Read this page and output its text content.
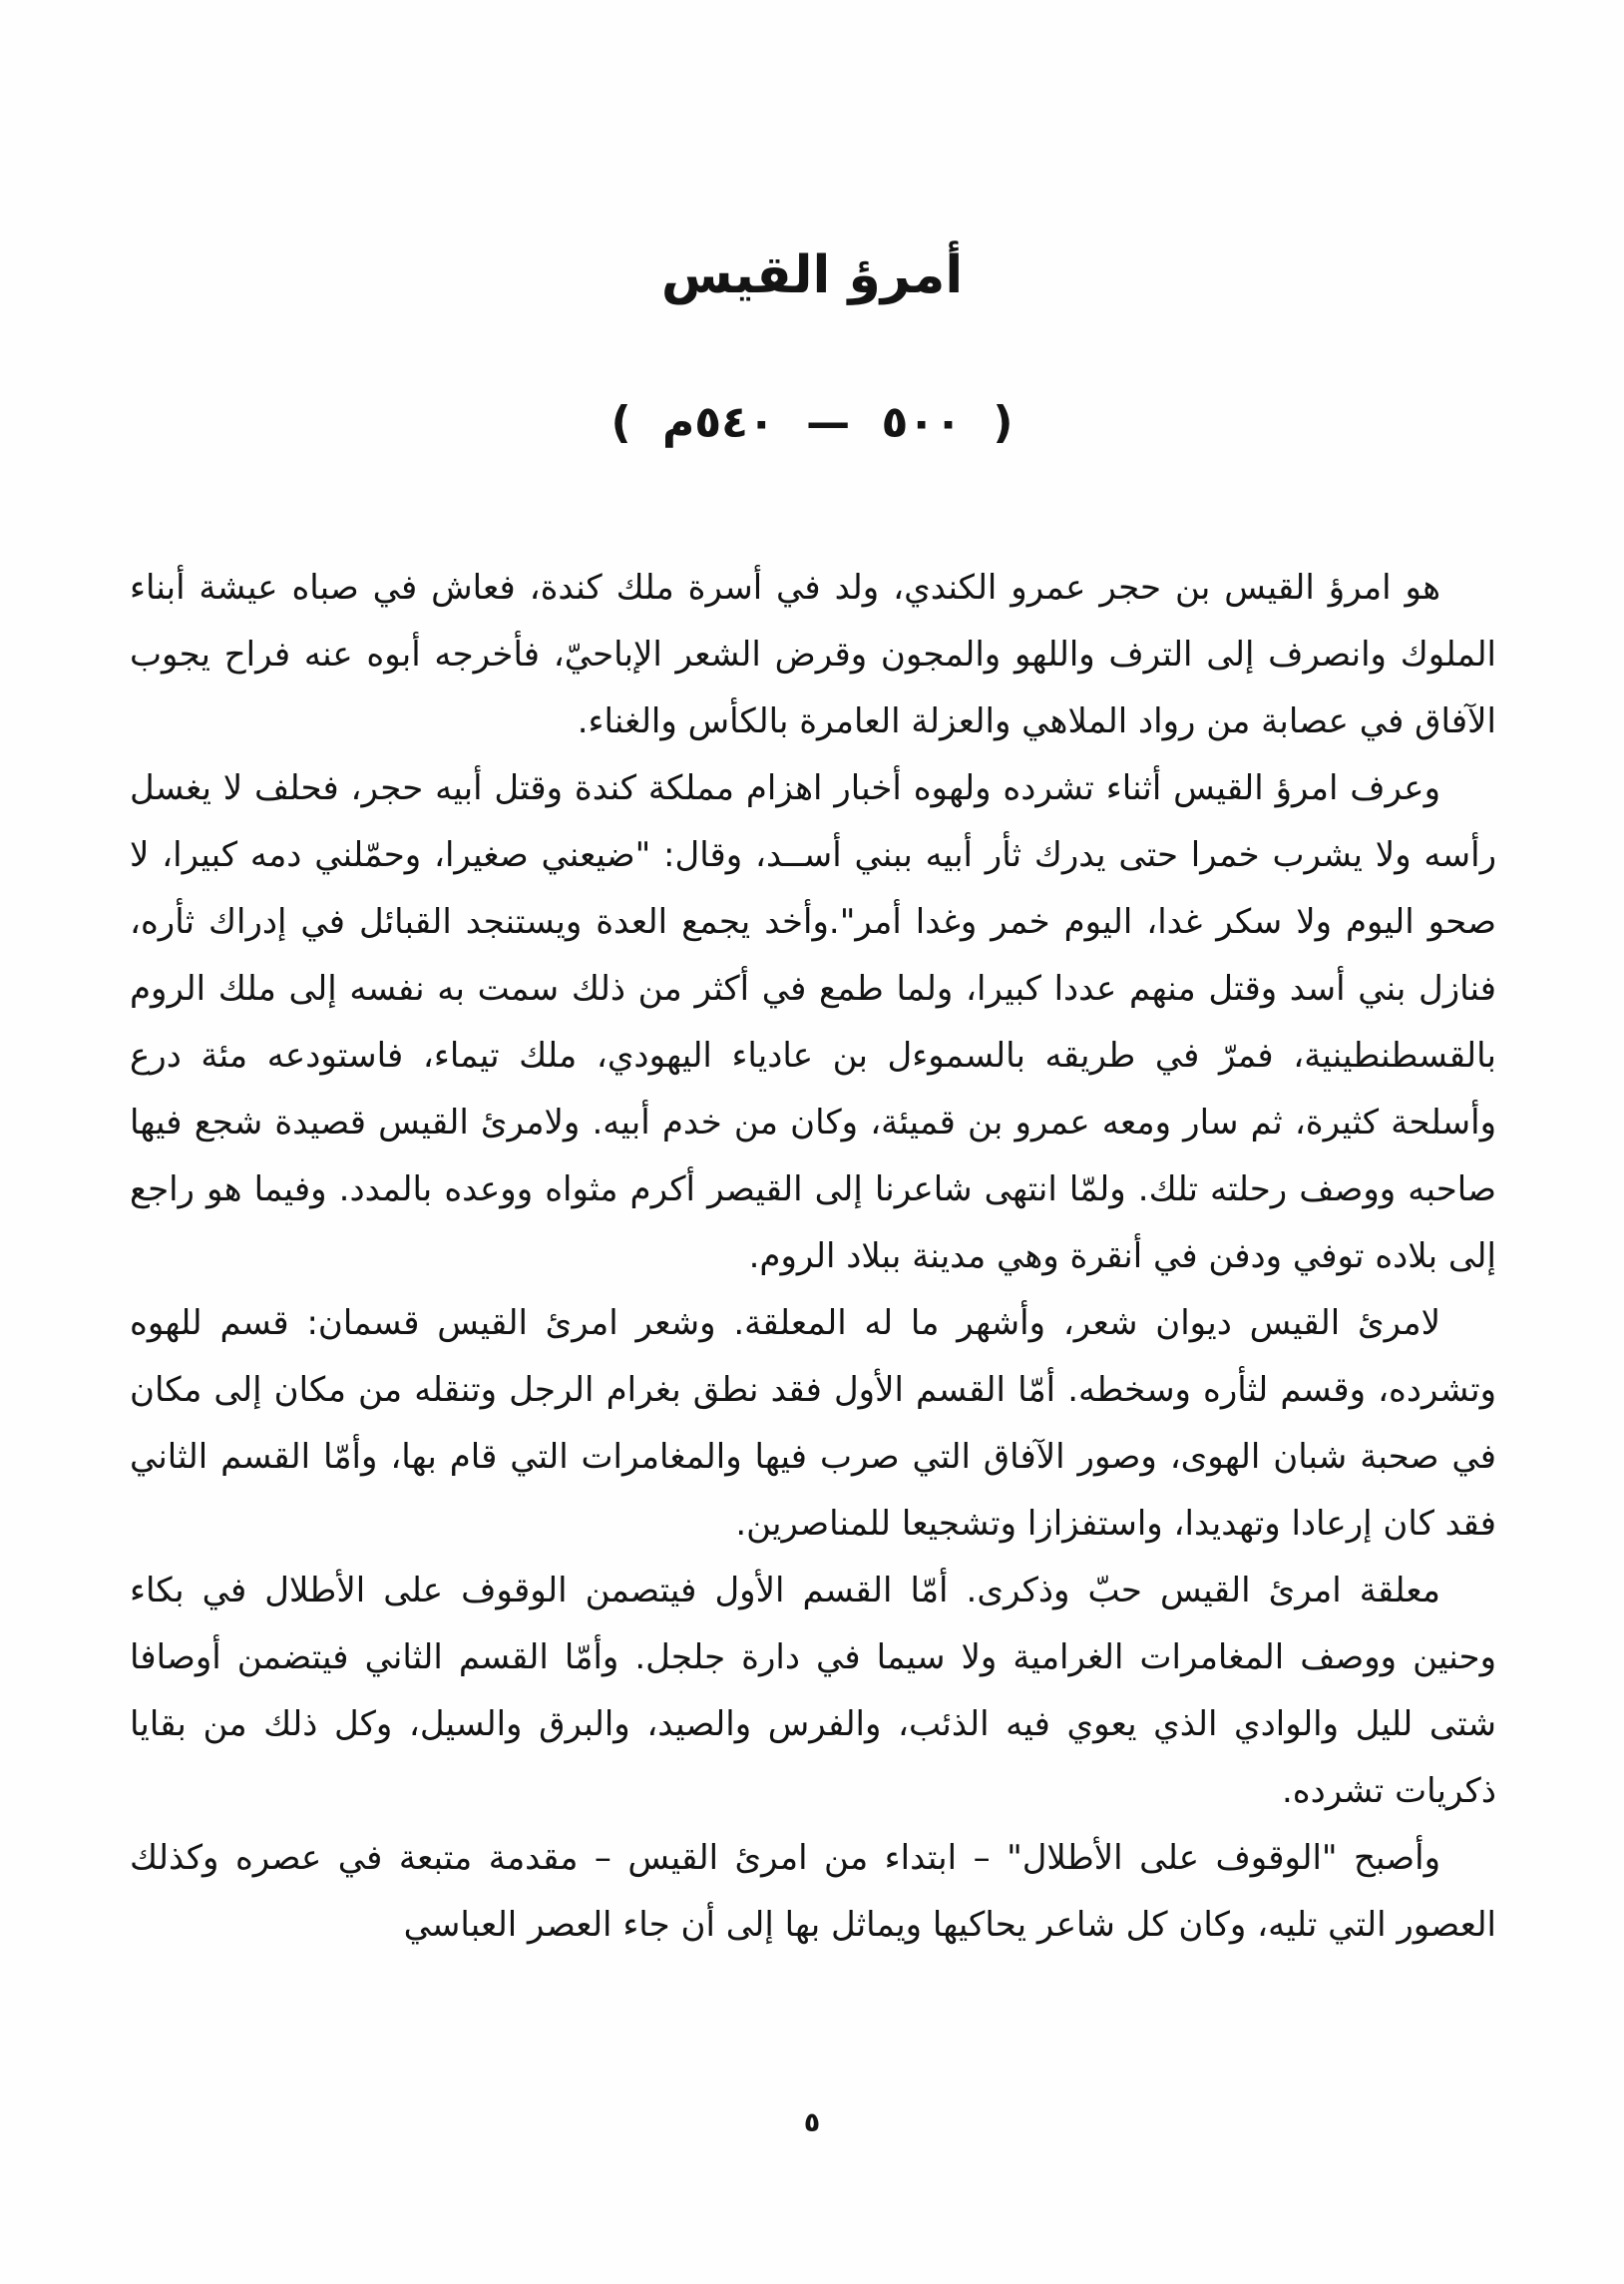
أمرؤ القيس
( ٥٠٠ — ٥٤٠م )

هو امرؤ القيس بن حجر عمرو الكندي، ولد في أسرة ملك كندة، فعاش في صباه عيشة أبناء الملوك وانصرف إلى الترف واللهو والمجون وقرض الشعر الإباحيّ، فأخرجه أبوه عنه فراح يجوب الآفاق في عصابة من رواد الملاهي والعزلة العامرة بالكأس والغناء.

وعرف امرؤ القيس أثناء تشرده ولهوه أخبار اهزام مملكة كندة وقتل أبيه حجر، فحلف لا يغسل رأسه ولا يشرب خمرا حتى يدرك ثأر أبيه ببني أســد، وقال: "ضيعني صغيرا، وحمّلني دمه كبيرا، لا صحو اليوم ولا سكر غدا، اليوم خمر وغدا أمر".وأخد يجمع العدة ويستنجد القبائل في إدراك ثأره، فنازل بني أسد وقتل منهم عددا كبيرا، ولما طمع في أكثر من ذلك سمت به نفسه إلى ملك الروم بالقسطنطينية، فمرّ في طريقه بالسموءل بن عادياء اليهودي، ملك تيماء، فاستودعه مئة درع وأسلحة كثيرة، ثم سار ومعه عمرو بن قميئة، وكان من خدم أبيه. ولامرئ القيس قصيدة شجع فيها صاحبه ووصف رحلته تلك. ولمّا انتهى شاعرنا إلى القيصر أكرم مثواه ووعده بالمدد. وفيما هو راجع إلى بلاده توفي ودفن في أنقرة وهي مدينة ببلاد الروم.

لامرئ القيس ديوان شعر، وأشهر ما له المعلقة. وشعر امرئ القيس قسمان: قسم للهوه وتشرده، وقسم لثأره وسخطه. أمّا القسم الأول فقد نطق بغرام الرجل وتنقله من مكان إلى مكان في صحبة شبان الهوى، وصور الآفاق التي صرب فيها والمغامرات التي قام بها، وأمّا القسم الثاني فقد كان إرعادا وتهديدا، واستفزازا وتشجيعا للمناصرين.

معلقة امرئ القيس حبّ وذكرى. أمّا القسم الأول فيتصمن الوقوف على الأطلال في بكاء وحنين ووصف المغامرات الغرامية ولا سيما في دارة جلجل. وأمّا القسم الثاني فيتضمن أوصافا شتى لليل والوادي الذي يعوي فيه الذئب، والفرس والصيد، والبرق والسيل، وكل ذلك من بقايا ذكريات تشرده.

وأصبح "الوقوف على الأطلال" – ابتداء من امرئ القيس – مقدمة متبعة في عصره وكذلك العصور التي تليه، وكان كل شاعر يحاكيها ويماثل بها إلى أن جاء العصر العباسي

٥
